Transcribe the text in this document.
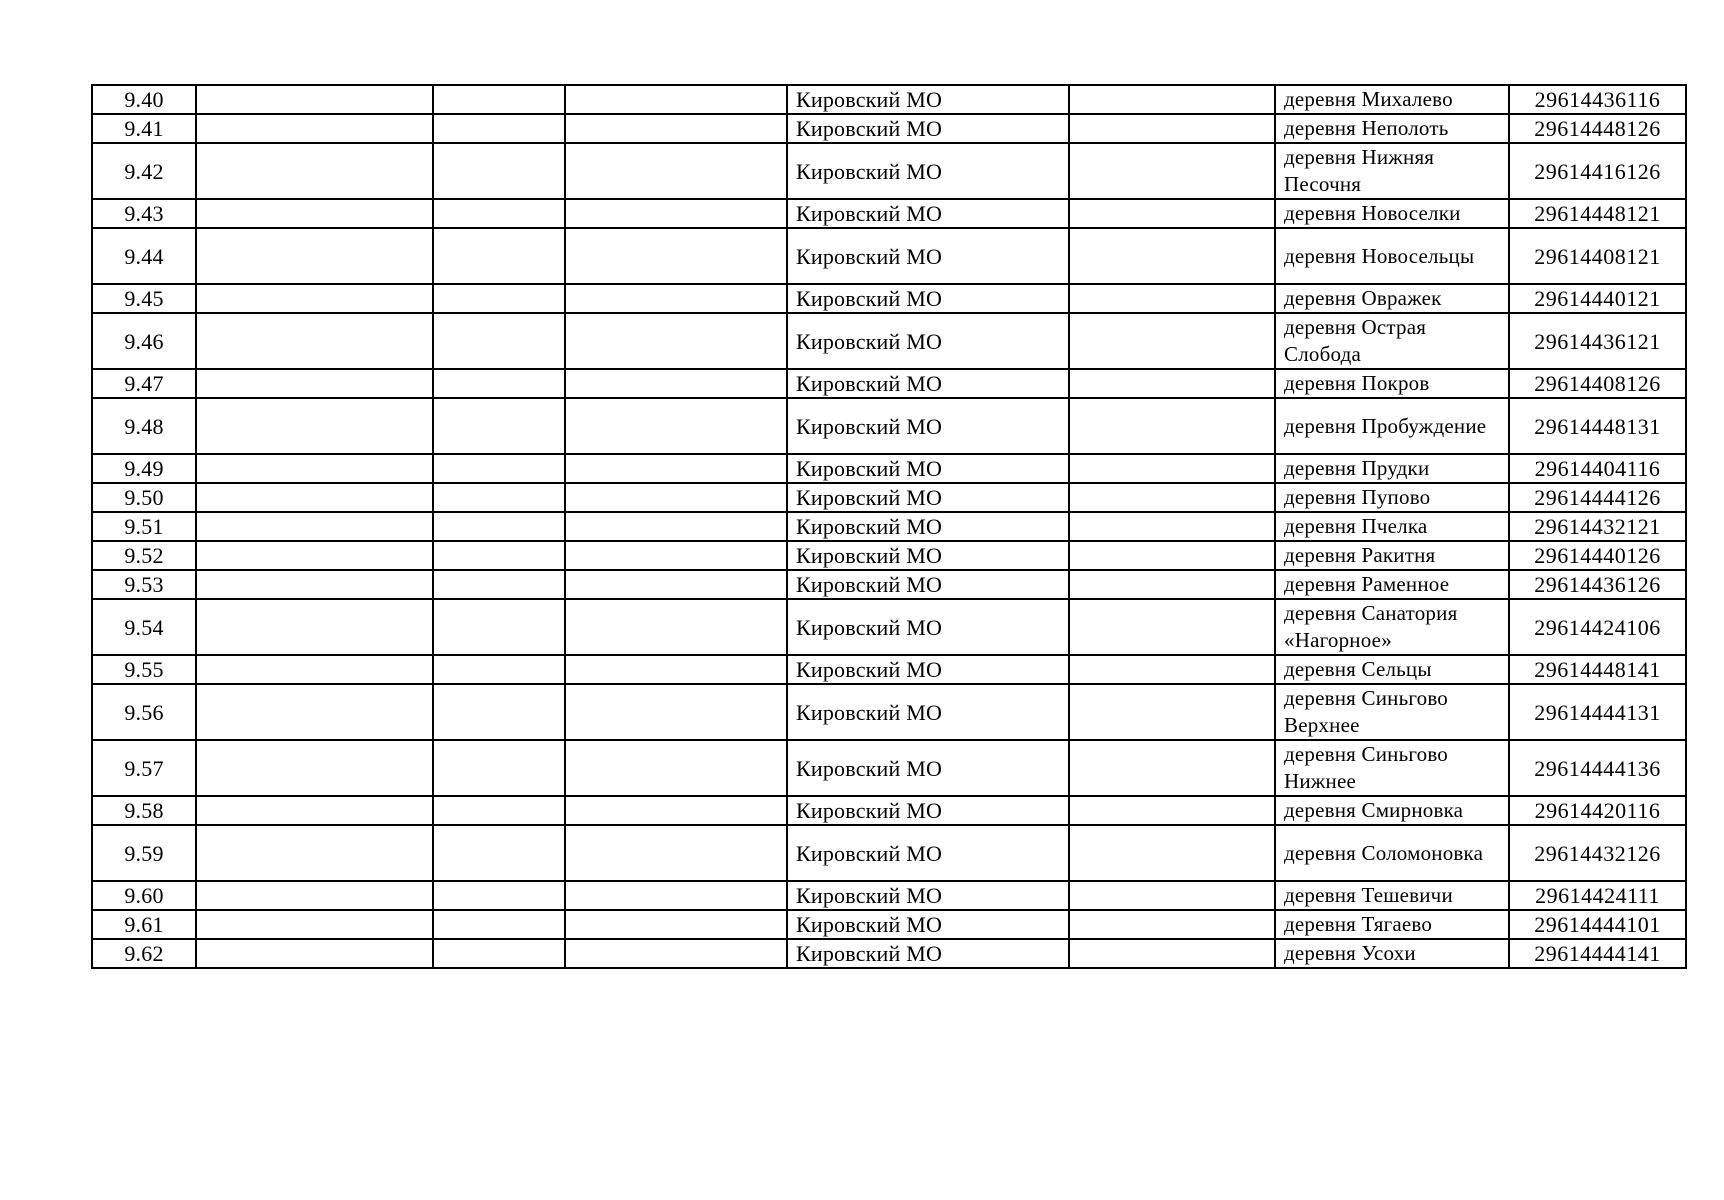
9.40				Кировский МО		деревня Михалево	29614436116
9.41				Кировский МО		деревня Неполоть	29614448126
9.42				Кировский МО		деревня Нижняя Песочня	29614416126
9.43				Кировский МО		деревня Новоселки	29614448121
9.44				Кировский МО		деревня Новосельцы	29614408121
9.45				Кировский МО		деревня Овражек	29614440121
9.46				Кировский МО		деревня Острая Слобода	29614436121
9.47				Кировский МО		деревня Покров	29614408126
9.48				Кировский МО		деревня Пробуждение	29614448131
9.49				Кировский МО		деревня Прудки	29614404116
9.50				Кировский МО		деревня Пупово	29614444126
9.51				Кировский МО		деревня Пчелка	29614432121
9.52				Кировский МО		деревня Ракитня	29614440126
9.53				Кировский МО		деревня Раменное	29614436126
9.54				Кировский МО		деревня Санатория «Нагорное»	29614424106
9.55				Кировский МО		деревня Сельцы	29614448141
9.56				Кировский МО		деревня Синьгово Верхнее	29614444131
9.57				Кировский МО		деревня Синьгово Нижнее	29614444136
9.58				Кировский МО		деревня Смирновка	29614420116
9.59				Кировский МО		деревня Соломоновка	29614432126
9.60				Кировский МО		деревня Тешевичи	29614424111
9.61				Кировский МО		деревня Тягаево	29614444101
9.62				Кировский МО		деревня Усохи	29614444141
